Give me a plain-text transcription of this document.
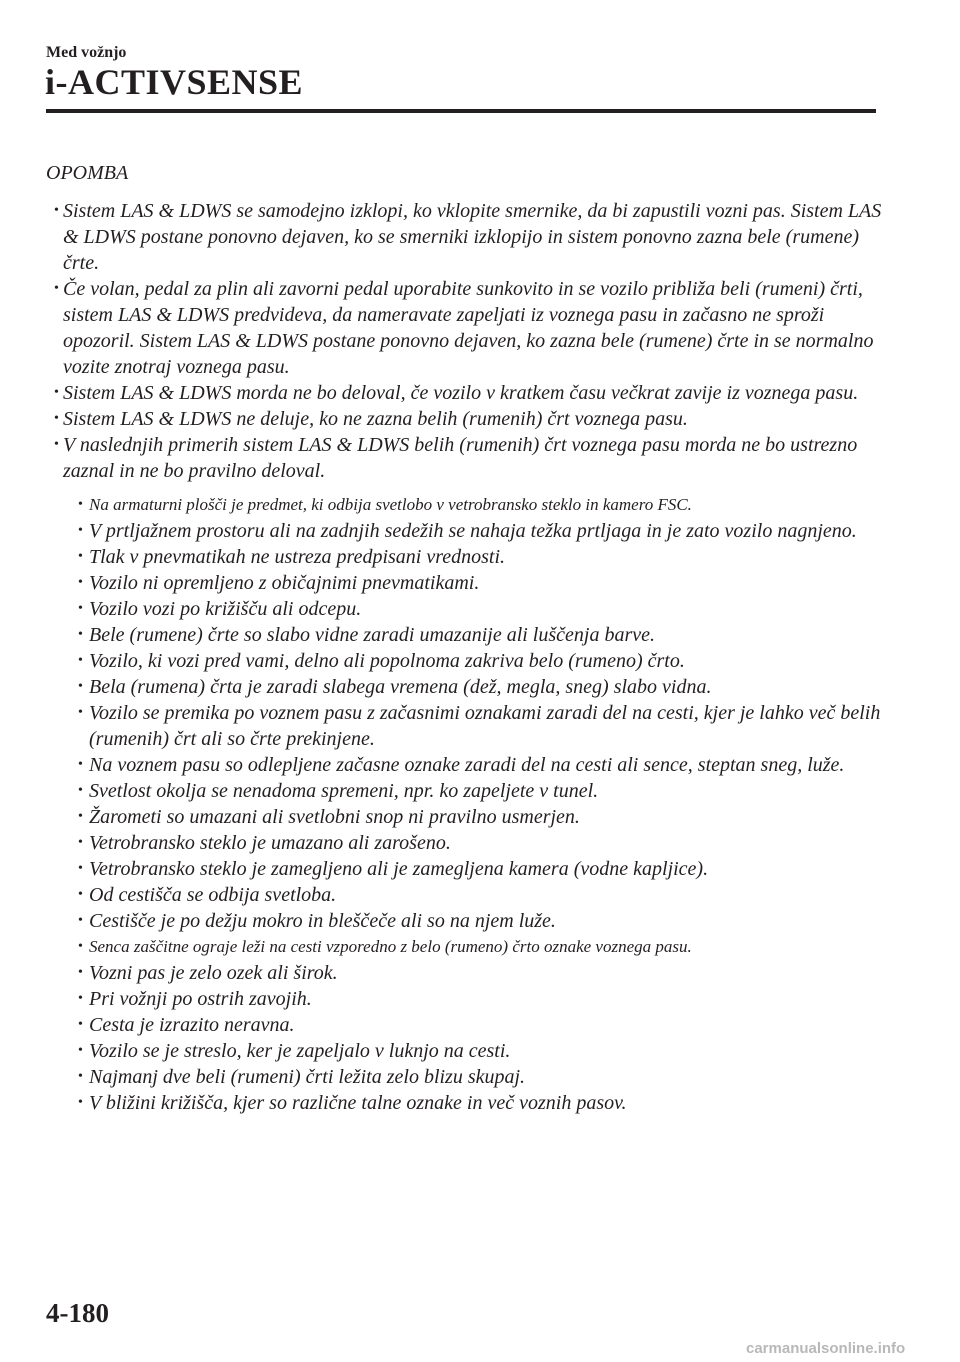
Med vožnjo
i-ACTIVSENSE
OPOMBA
• Sistem LAS & LDWS se samodejno izklopi, ko vklopite smernike, da bi zapustili vozni pas. Sistem LAS & LDWS postane ponovno dejaven, ko se smerniki izklopijo in sistem ponovno zazna bele (rumene) črte.
• Če volan, pedal za plin ali zavorni pedal uporabite sunkovito in se vozilo približa beli (rumeni) črti, sistem LAS & LDWS predvideva, da nameravate zapeljati iz voznega pasu in začasno ne sproži opozoril. Sistem LAS & LDWS postane ponovno dejaven, ko zazna bele (rumene) črte in se normalno vozite znotraj voznega pasu.
• Sistem LAS & LDWS morda ne bo deloval, če vozilo v kratkem času večkrat zavije iz voznega pasu.
• Sistem LAS & LDWS ne deluje, ko ne zazna belih (rumenih) črt voznega pasu.
• V naslednjih primerih sistem LAS & LDWS belih (rumenih) črt voznega pasu morda ne bo ustrezno zaznal in ne bo pravilno deloval.
• Na armaturni plošči je predmet, ki odbija svetlobo v vetrobransko steklo in kamero FSC.
• V prtljažnem prostoru ali na zadnjih sedežih se nahaja težka prtljaga in je zato vozilo nagnjeno.
• Tlak v pnevmatikah ne ustreza predpisani vrednosti.
• Vozilo ni opremljeno z običajnimi pnevmatikami.
• Vozilo vozi po križišču ali odcepu.
• Bele (rumene) črte so slabo vidne zaradi umazanije ali luščenja barve.
• Vozilo, ki vozi pred vami, delno ali popolnoma zakriva belo (rumeno) črto.
• Bela (rumena) črta je zaradi slabega vremena (dež, megla, sneg) slabo vidna.
• Vozilo se premika po voznem pasu z začasnimi oznakami zaradi del na cesti, kjer je lahko več belih (rumenih) črt ali so črte prekinjene.
• Na voznem pasu so odlepljene začasne oznake zaradi del na cesti ali sence, steptan sneg, luže.
• Svetlost okolja se nenadoma spremeni, npr. ko zapeljete v tunel.
• Žarometi so umazani ali svetlobni snop ni pravilno usmerjen.
• Vetrobransko steklo je umazano ali zarošeno.
• Vetrobransko steklo je zamegljeno ali je zamegljena kamera (vodne kapljice).
• Od cestišča se odbija svetloba.
• Cestišče je po dežju mokro in bleščeče ali so na njem luže.
• Senca zaščitne ograje leži na cesti vzporedno z belo (rumeno) črto oznake voznega pasu.
• Vozni pas je zelo ozek ali širok.
• Pri vožnji po ostrih zavojih.
• Cesta je izrazito neravna.
• Vozilo se je streslo, ker je zapeljalo v luknjo na cesti.
• Najmanj dve beli (rumeni) črti ležita zelo blizu skupaj.
• V bližini križišča, kjer so različne talne oznake in več voznih pasov.
4-180
carmanualsonline.info
